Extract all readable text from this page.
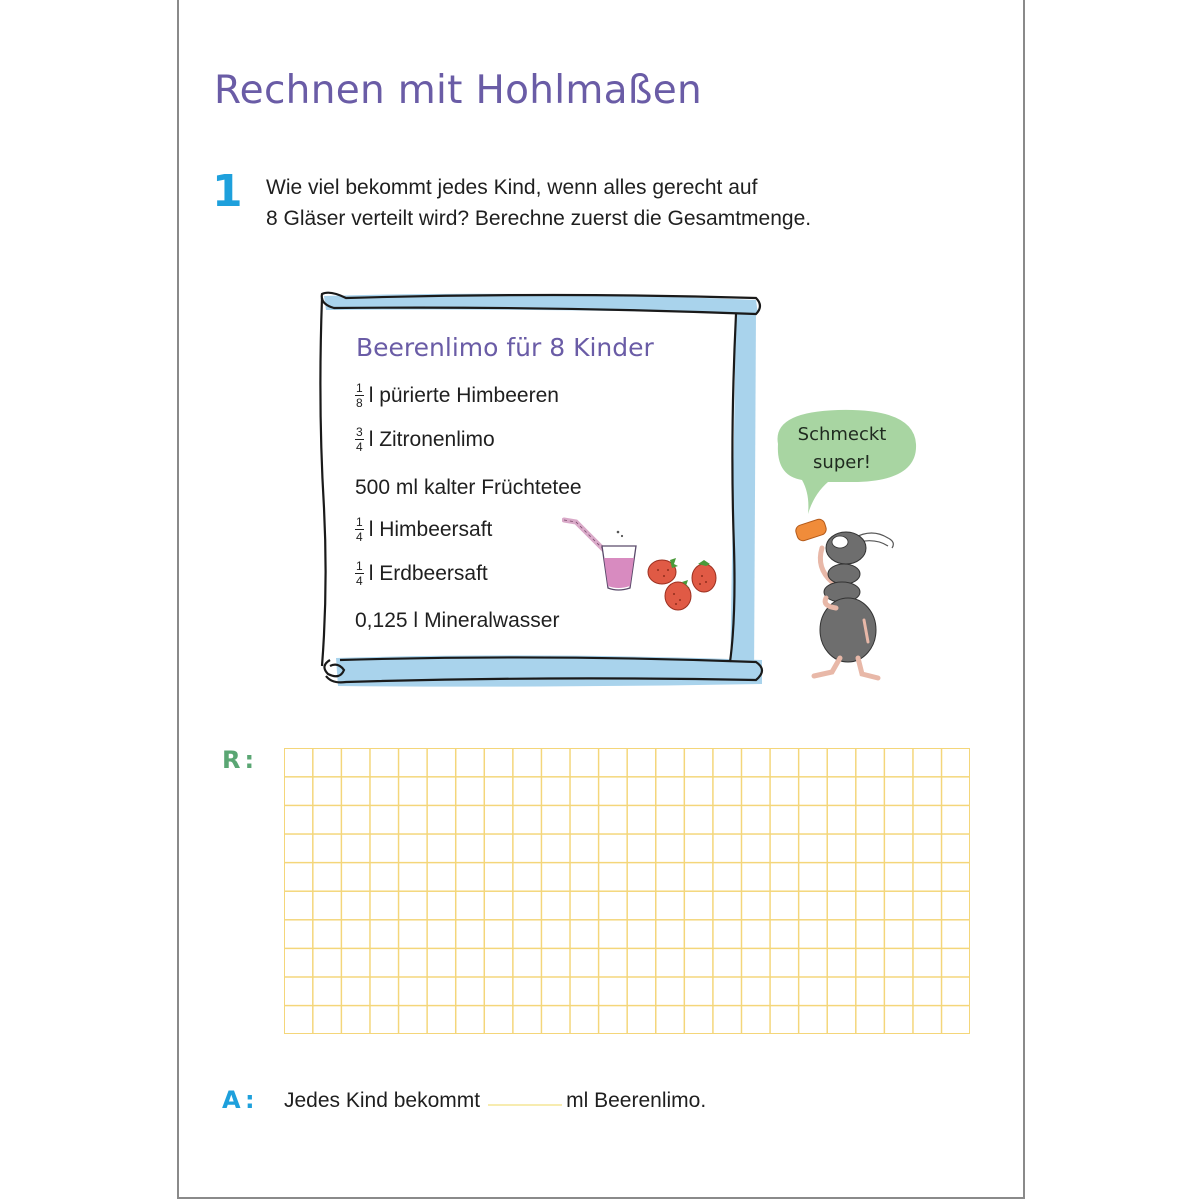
Rechnen mit Hohlmaßen
1 Wie viel bekommt jedes Kind, wenn alles gerecht auf
8 Gläser verteilt wird? Berechne zuerst die Gesamtmenge.
Beerenlimo für 8 Kinder
$\frac{1}{8}$ l pürierte Himbeeren
$\frac{3}{4}$ l Zitronenlimo
500 ml kalter Früchtetee
$\frac{1}{4}$ l Himbeersaft
$\frac{1}{4}$ l Erdbeersaft
0,125 l Mineralwasser
Schmeckt
super!
R:
A: Jedes Kind bekommt	ml Beerenlimo.
